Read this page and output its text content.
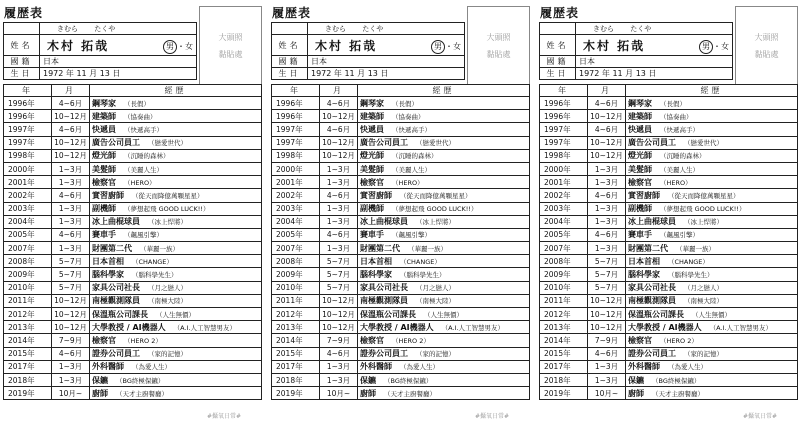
履歴表
大頭照
黏貼處
	きむら たくや
姓名	木村 拓哉 男 ・女

國籍	日本
生日	1972 年 11 月 13 日
年	月	經歷
1996年	4~6月	鋼琴家 （長假）
1996年	10~12月	建築師 （協奏曲）
1997年	4~6月	快遞員 （快遞高手）
1997年	10~12月	廣告公司員工 （戀愛世代）
1998年	10~12月	燈光師 （沉睡的森林）
2000年	1~3月	美髮師 （美麗人生）
2001年	1~3月	檢察官 （HERO）
2002年	4~6月	實習廚師 （從天而降億萬顆星星）
2003年	1~3月	副機師 （夢想起飛 GOOD LUCK!!）
2004年	1~3月	冰上曲棍球員 （冰上悍將）
2005年	4~6月	賽車手 （飆風引擎）
2007年	1~3月	財團第二代 （華麗一族）
2008年	5~7月	日本首相 （CHANGE）
2009年	5~7月	腦科學家 （腦科學先生）
2010年	5~7月	家具公司社長 （月之戀人）
2011年	10~12月	南極觀測隊員 （南極大陸）
2012年	10~12月	保溫瓶公司課長 （人生無價）
2013年	10~12月	大學教授 / AI機器人 （A.I.人工智慧男友）
2014年	7~9月	檢察官 （HERO 2）
2015年	4~6月	證券公司員工 （家的記憶）
2017年	1~3月	外科醫師 （為愛人生）
2018年	1~3月	保鑣 （BG終極保鑣）
2019年	10月~	廚師 （天才主廚餐廳）
#攝氧日常#
履歴表
大頭照
黏貼處
	きむら たくや
姓名	木村 拓哉 男 ・女

國籍	日本
生日	1972 年 11 月 13 日
年	月	經歷
1996年	4~6月	鋼琴家 （長假）
1996年	10~12月	建築師 （協奏曲）
1997年	4~6月	快遞員 （快遞高手）
1997年	10~12月	廣告公司員工 （戀愛世代）
1998年	10~12月	燈光師 （沉睡的森林）
2000年	1~3月	美髮師 （美麗人生）
2001年	1~3月	檢察官 （HERO）
2002年	4~6月	實習廚師 （從天而降億萬顆星星）
2003年	1~3月	副機師 （夢想起飛 GOOD LUCK!!）
2004年	1~3月	冰上曲棍球員 （冰上悍將）
2005年	4~6月	賽車手 （飆風引擎）
2007年	1~3月	財團第二代 （華麗一族）
2008年	5~7月	日本首相 （CHANGE）
2009年	5~7月	腦科學家 （腦科學先生）
2010年	5~7月	家具公司社長 （月之戀人）
2011年	10~12月	南極觀測隊員 （南極大陸）
2012年	10~12月	保溫瓶公司課長 （人生無價）
2013年	10~12月	大學教授 / AI機器人 （A.I.人工智慧男友）
2014年	7~9月	檢察官 （HERO 2）
2015年	4~6月	證券公司員工 （家的記憶）
2017年	1~3月	外科醫師 （為愛人生）
2018年	1~3月	保鑣 （BG終極保鑣）
2019年	10月~	廚師 （天才主廚餐廳）
#攝氧日常#
履歴表
大頭照
黏貼處
	きむら たくや
姓名	木村 拓哉 男 ・女

國籍	日本
生日	1972 年 11 月 13 日
年	月	經歷
1996年	4~6月	鋼琴家 （長假）
1996年	10~12月	建築師 （協奏曲）
1997年	4~6月	快遞員 （快遞高手）
1997年	10~12月	廣告公司員工 （戀愛世代）
1998年	10~12月	燈光師 （沉睡的森林）
2000年	1~3月	美髮師 （美麗人生）
2001年	1~3月	檢察官 （HERO）
2002年	4~6月	實習廚師 （從天而降億萬顆星星）
2003年	1~3月	副機師 （夢想起飛 GOOD LUCK!!）
2004年	1~3月	冰上曲棍球員 （冰上悍將）
2005年	4~6月	賽車手 （飆風引擎）
2007年	1~3月	財團第二代 （華麗一族）
2008年	5~7月	日本首相 （CHANGE）
2009年	5~7月	腦科學家 （腦科學先生）
2010年	5~7月	家具公司社長 （月之戀人）
2011年	10~12月	南極觀測隊員 （南極大陸）
2012年	10~12月	保溫瓶公司課長 （人生無價）
2013年	10~12月	大學教授 / AI機器人 （A.I.人工智慧男友）
2014年	7~9月	檢察官 （HERO 2）
2015年	4~6月	證券公司員工 （家的記憶）
2017年	1~3月	外科醫師 （為愛人生）
2018年	1~3月	保鑣 （BG終極保鑣）
2019年	10月~	廚師 （天才主廚餐廳）
#攝氧日常#
